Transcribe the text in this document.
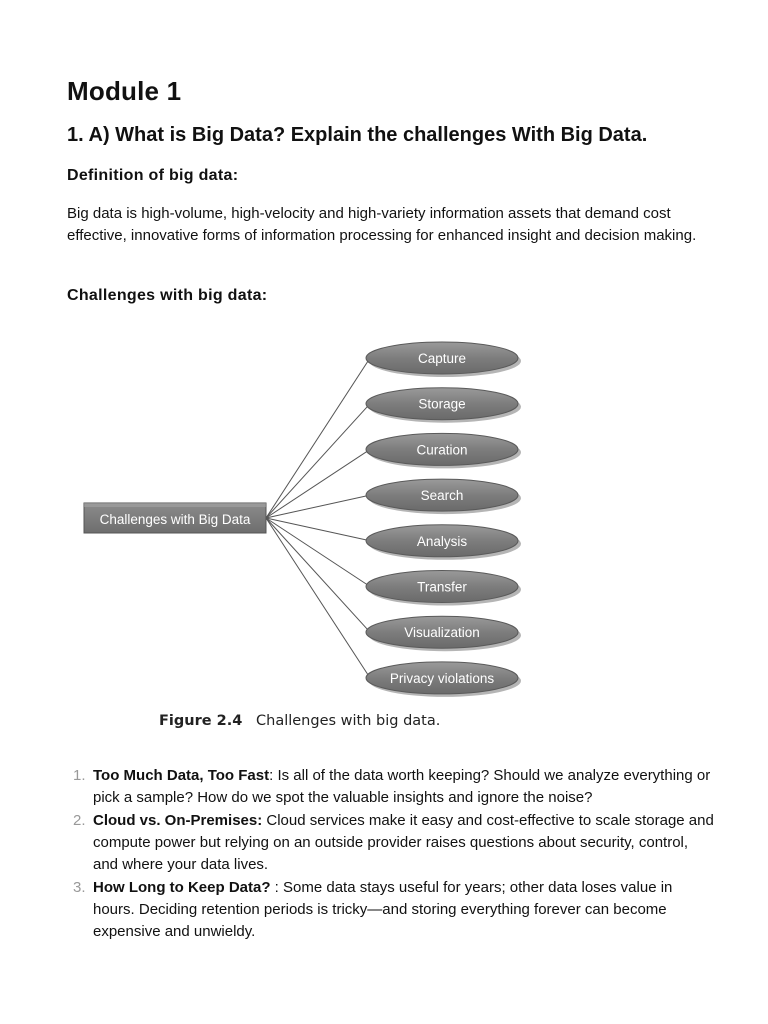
Module 1
1. A) What is Big Data? Explain the challenges With Big Data.
Definition of big data:

Big data is high-volume, high-velocity and high-variety information assets that demand cost effective, innovative forms of information processing for enhanced insight and decision making.

Challenges with big data:
Capture
Storage
Curation
Search
Analysis
Transfer
Visualization
Privacy violations
Challenges with Big Data
Figure 2.4 Challenges with big data.
1. Too Much Data, Too Fast: Is all of the data worth keeping? Should we analyze everything or pick a sample? How do we spot the valuable insights and ignore the noise?
2. Cloud vs. On-Premises: Cloud services make it easy and cost-effective to scale storage and compute power but relying on an outside provider raises questions about security, control, and where your data lives.
3. How Long to Keep Data? : Some data stays useful for years; other data loses value in hours. Deciding retention periods is tricky—and storing everything forever can become expensive and unwieldy.
